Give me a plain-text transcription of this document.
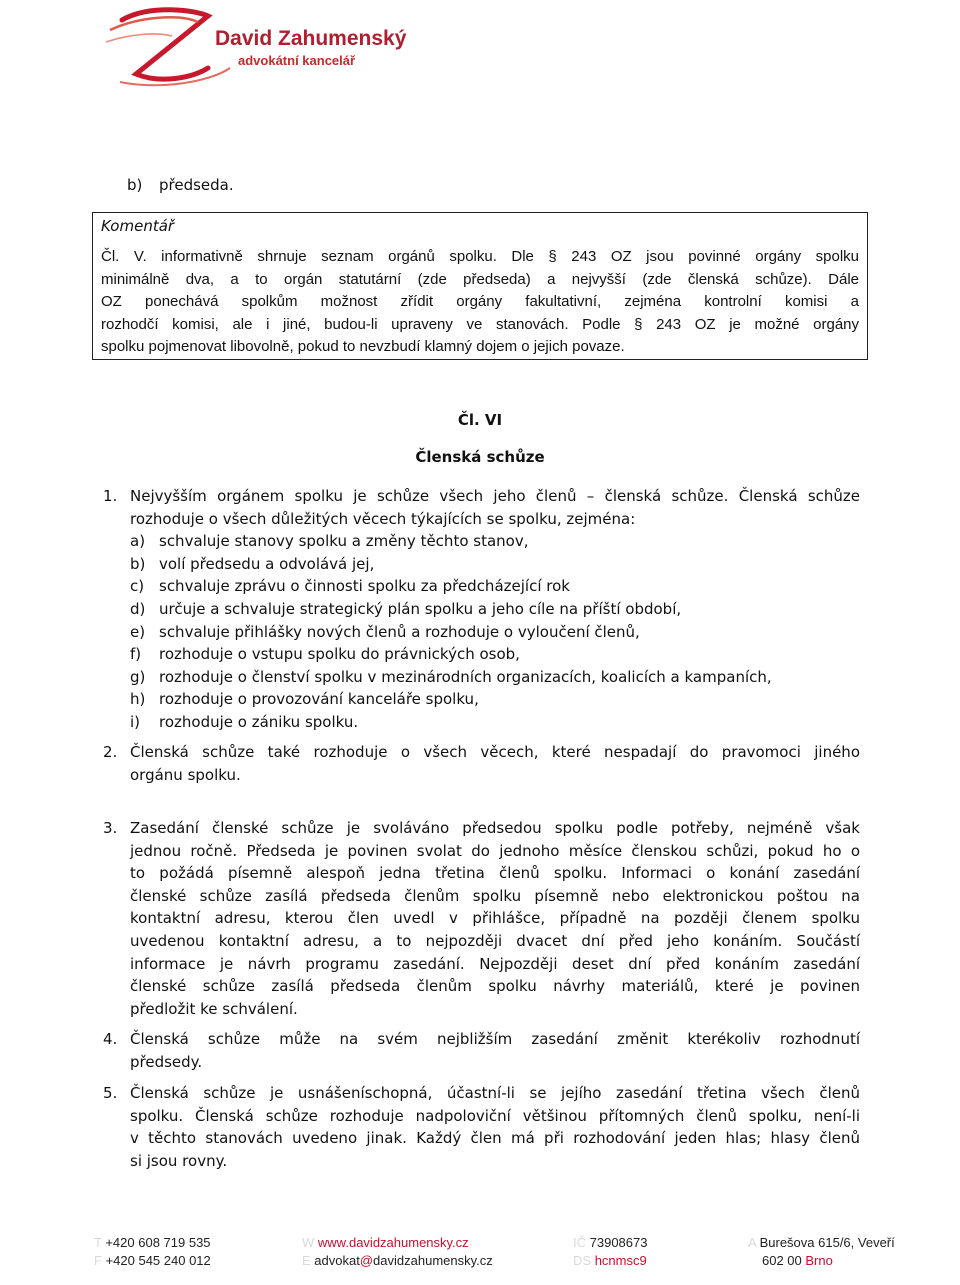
David Zahumenský
advokátní kancelář
b) předseda.
Komentář
Čl. V. informativně shrnuje seznam orgánů spolku. Dle § 243 OZ jsou povinné orgány spolku
minimálně dva, a to orgán statutární (zde předseda) a nejvyšší (zde členská schůze). Dále
OZ ponechává spolkům možnost zřídit orgány fakultativní, zejména kontrolní komisi a
rozhodčí komisi, ale i jiné, budou-li upraveny ve stanovách. Podle § 243 OZ je možné orgány
spolku pojmenovat libovolně, pokud to nevzbudí klamný dojem o jejich povaze.
Čl. VI
Členská schůze
1. Nejvyšším orgánem spolku je schůze všech jeho členů – členská schůze. Členská schůze
rozhoduje o všech důležitých věcech týkajících se spolku, zejména:
a) schvaluje stanovy spolku a změny těchto stanov,
b) volí předsedu a odvolává jej,
c) schvaluje zprávu o činnosti spolku za předcházející rok
d) určuje a schvaluje strategický plán spolku a jeho cíle na příští období,
e) schvaluje přihlášky nových členů a rozhoduje o vyloučení členů,
f) rozhoduje o vstupu spolku do právnických osob,
g) rozhoduje o členství spolku v mezinárodních organizacích, koalicích a kampaních,
h) rozhoduje o provozování kanceláře spolku,
i) rozhoduje o zániku spolku.
2. Členská schůze také rozhoduje o všech věcech, které nespadají do pravomoci jiného
orgánu spolku.
3. Zasedání členské schůze je svoláváno předsedou spolku podle potřeby, nejméně však
jednou ročně. Předseda je povinen svolat do jednoho měsíce členskou schůzi, pokud ho o
to požádá písemně alespoň jedna třetina členů spolku. Informaci o konání zasedání
členské schůze zasílá předseda členům spolku písemně nebo elektronickou poštou na
kontaktní adresu, kterou člen uvedl v přihlášce, případně na později členem spolku
uvedenou kontaktní adresu, a to nejpozději dvacet dní před jeho konáním. Součástí
informace je návrh programu zasedání. Nejpozději deset dní před konáním zasedání
členské schůze zasílá předseda členům spolku návrhy materiálů, které je povinen
předložit ke schválení.
4. Členská schůze může na svém nejbližším zasedání změnit kterékoliv rozhodnutí
předsedy.
5. Členská schůze je usnášeníschopná, účastní-li se jejího zasedání třetina všech členů
spolku. Členská schůze rozhoduje nadpoloviční většinou přítomných členů spolku, není-li
v těchto stanovách uvedeno jinak. Každý člen má při rozhodování jeden hlas; hlasy členů
si jsou rovny.
T +420 608 719 535
F +420 545 240 012
W www.davidzahumensky.cz
E advokat@davidzahumensky.cz
IČ 73908673
DS hcnmsc9
A Burešova 615/6, Veveří
602 00 Brno
